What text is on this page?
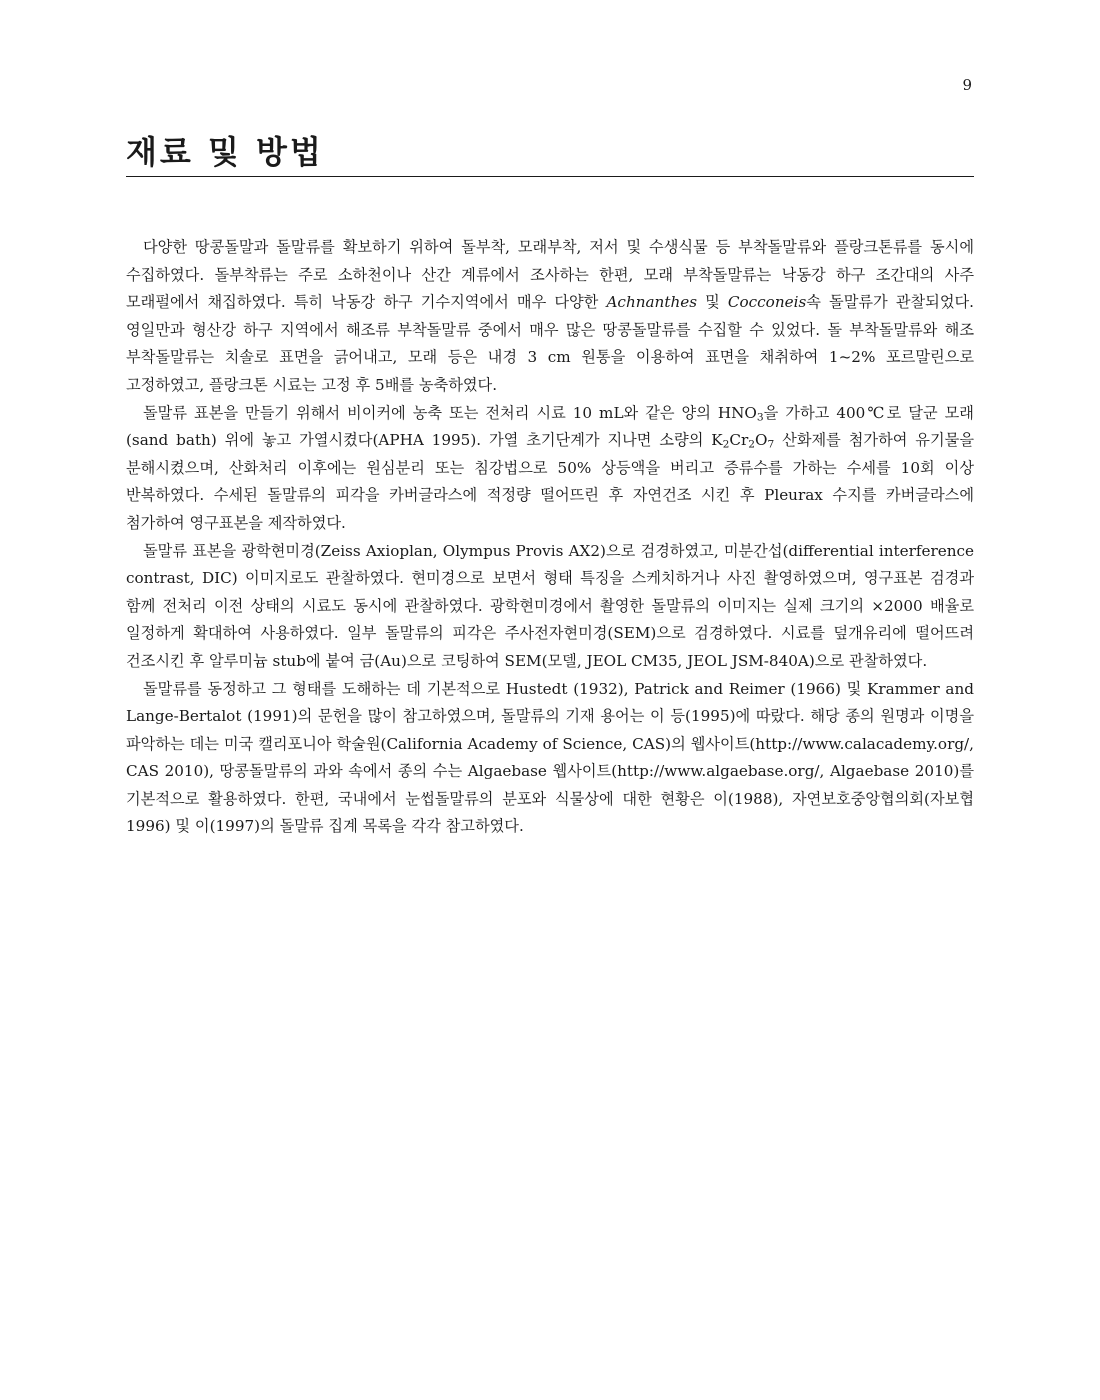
9
재료 및 방법

다양한 땅콩돌말과 돌말류를 확보하기 위하여 돌부착, 모래부착, 저서 및 수생식물 등 부착돌말류와 플랑크톤류를 동시에 수집하였다. 돌부착류는 주로 소하천이나 산간 계류에서 조사하는 한편, 모래 부착돌말류는 낙동강 하구 조간대의 사주 모래펄에서 채집하였다. 특히 낙동강 하구 기수지역에서 매우 다양한 Achnanthes 및 Cocconeis속 돌말류가 관찰되었다. 영일만과 형산강 하구 지역에서 해조류 부착돌말류 중에서 매우 많은 땅콩돌말류를 수집할 수 있었다. 돌 부착돌말류와 해조 부착돌말류는 치솔로 표면을 긁어내고, 모래 등은 내경 3 cm 원통을 이용하여 표면을 채취하여 1~2% 포르말린으로 고정하였고, 플랑크톤 시료는 고정 후 5배를 농축하였다.

돌말류 표본을 만들기 위해서 비이커에 농축 또는 전처리 시료 10 mL와 같은 양의 $HNO_3$을 가하고 400℃로 달군 모래(sand bath) 위에 놓고 가열시켰다(APHA 1995). 가열 초기단계가 지나면 소량의 $K_2Cr_2O_7$ 산화제를 첨가하여 유기물을 분해시켰으며, 산화처리 이후에는 원심분리 또는 침강법으로 50% 상등액을 버리고 증류수를 가하는 수세를 10회 이상 반복하였다. 수세된 돌말류의 피각을 카버글라스에 적정량 떨어뜨린 후 자연건조 시킨 후 Pleurax 수지를 카버글라스에 첨가하여 영구표본을 제작하였다.

돌말류 표본을 광학현미경(Zeiss Axioplan, Olympus Provis AX2)으로 검경하였고, 미분간섭(differential interference contrast, DIC) 이미지로도 관찰하였다. 현미경으로 보면서 형태 특징을 스케치하거나 사진 촬영하였으며, 영구표본 검경과 함께 전처리 이전 상태의 시료도 동시에 관찰하였다. 광학현미경에서 촬영한 돌말류의 이미지는 실제 크기의 ×2000 배율로 일정하게 확대하여 사용하였다. 일부 돌말류의 피각은 주사전자현미경(SEM)으로 검경하였다. 시료를 덮개유리에 떨어뜨려 건조시킨 후 알루미늄 stub에 붙여 금(Au)으로 코팅하여 SEM(모델, JEOL CM35, JEOL JSM-840A)으로 관찰하였다.

돌말류를 동정하고 그 형태를 도해하는 데 기본적으로 Hustedt (1932), Patrick and Reimer (1966) 및 Krammer and Lange-Bertalot (1991)의 문헌을 많이 참고하였으며, 돌말류의 기재 용어는 이 등(1995)에 따랐다. 해당 종의 원명과 이명을 파악하는 데는 미국 캘리포니아 학술원(California Academy of Science, CAS)의 웹사이트(http://www.calacademy.org/, CAS 2010), 땅콩돌말류의 과와 속에서 종의 수는 Algaebase 웹사이트(http://www.algaebase.org/, Algaebase 2010)를 기본적으로 활용하였다. 한편, 국내에서 눈썹돌말류의 분포와 식물상에 대한 현황은 이(1988), 자연보호중앙협의회(자보협 1996) 및 이(1997)의 돌말류 집계 목록을 각각 참고하였다.
